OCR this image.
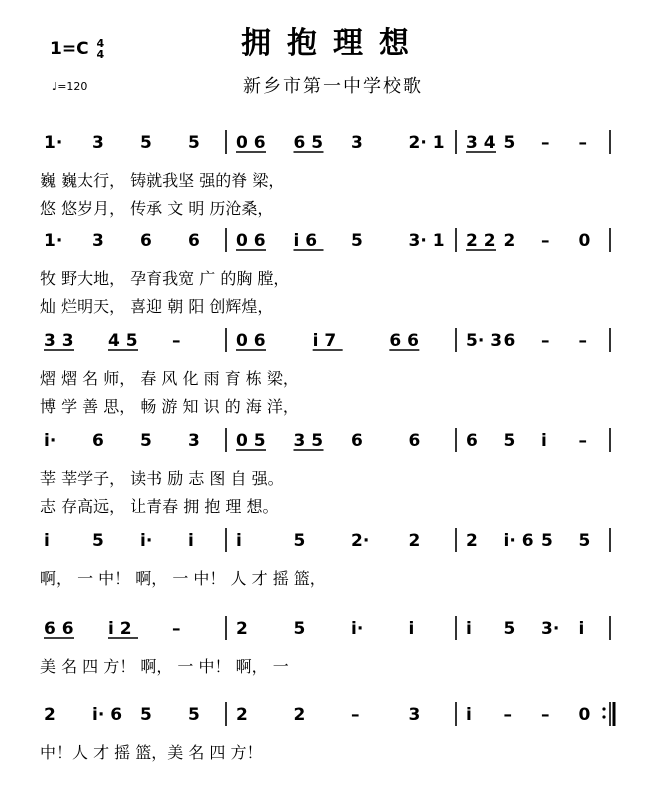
拥抱理想
新乡市第一中学校歌
1=C 4
4
♩=120
1· 3 5 5 0 6 6 5 3	2· 1 3 4 5 – –
巍 巍太行， 铸就我坚 强的脊 梁，
悠 悠岁月， 传承 文 明 历沧桑，
1· 3 6 6 0 6 i 6 5	3· 1 2 2 2 – 0
牧 野大地， 孕育我宽 广 的胸 膛，
灿 烂明天， 喜迎 朝 阳 创辉煌，
3 3 4 5 –	0 6	i 7	6 6	5· 3 6 – –
熠 熠 名 师， 春 风 化 雨 育 栋 梁，
博 学 善 思， 畅 游 知 识 的 海 洋，
i· 6 5 3 0 5 3 5 6	6	6 5 i –
莘 莘学子， 读书 励 志 图 自 强。
志 存高远， 让青春 拥 抱 理 想。
i 5 i· i i	5	2· 2	2 i· 6 5 5
啊， 一 中！ 啊， 一 中！ 人 才 摇 篮，
6 6 i 2 –	2	5	i·	i	i 5 3· i
美 名 四 方！ 啊， 一 中！ 啊， 一
2 i· 6 5 5 2	2	–	3	i – – 0
中！人 才 摇 篮，美 名 四 方！
